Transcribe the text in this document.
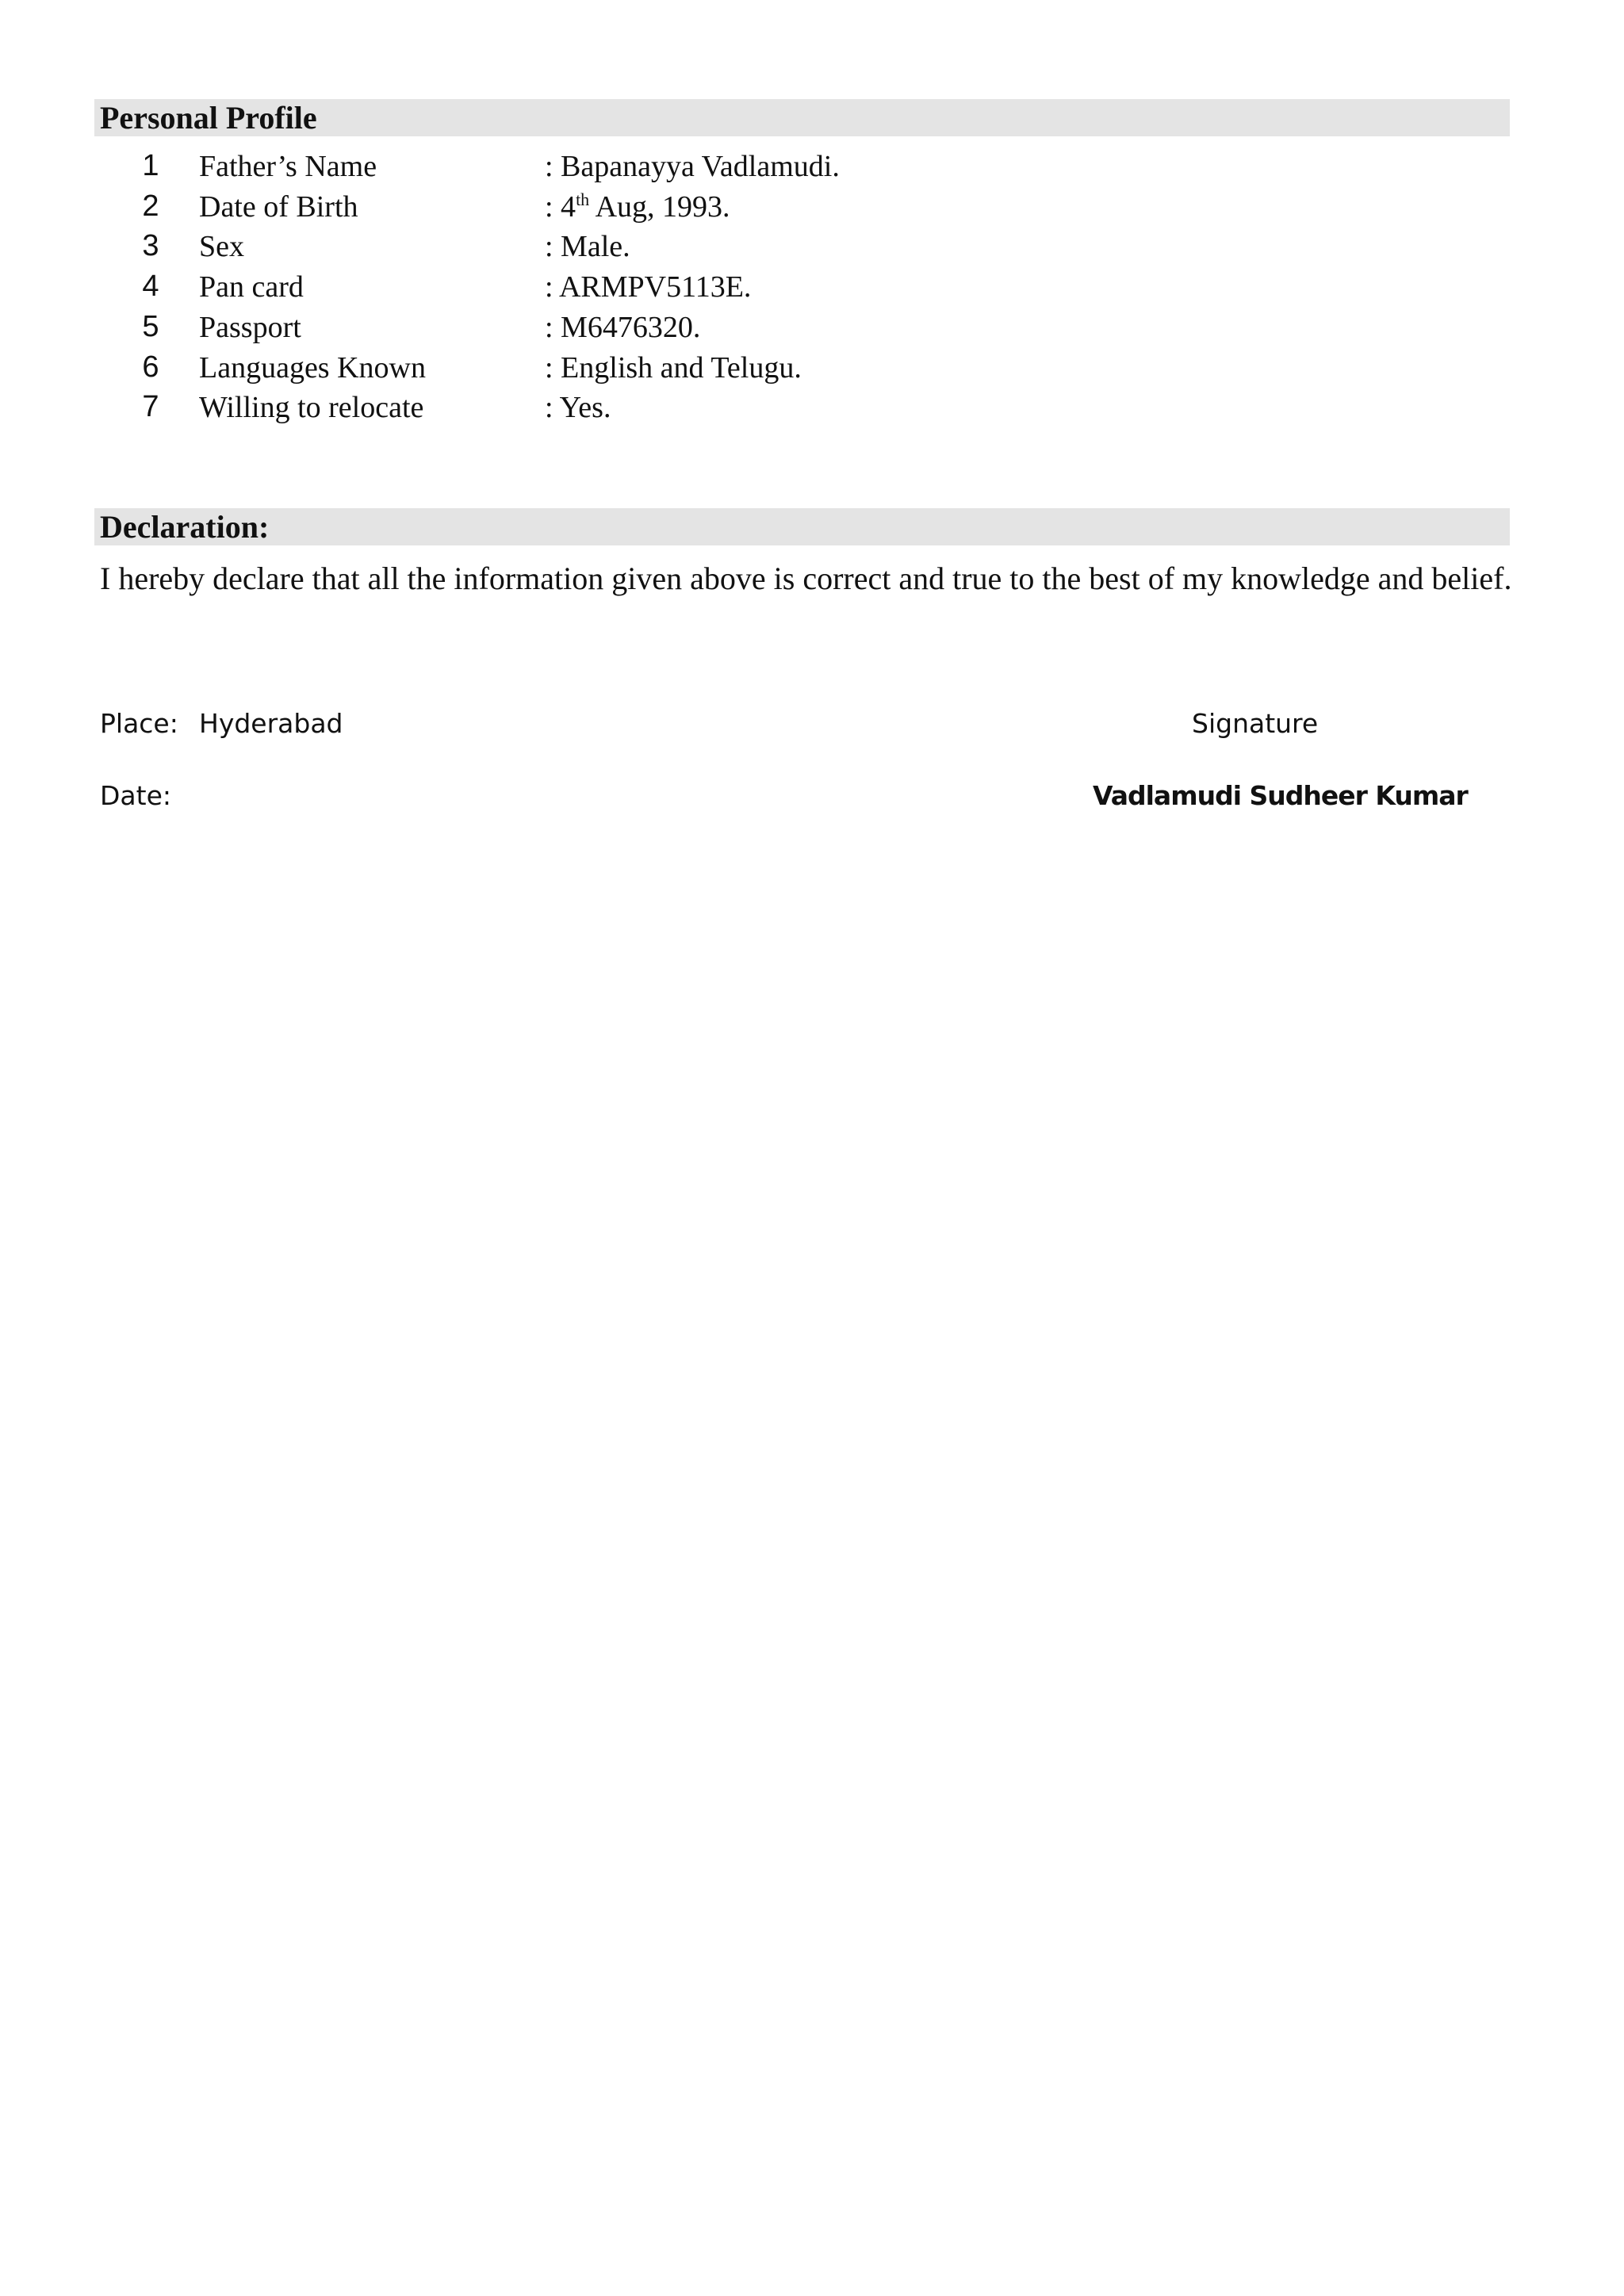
Personal Profile
1 Father’s Name	: Bapanayya Vadlamudi.
2 Date of Birth	: 4th Aug, 1993.
3 Sex	: Male.
4 Pan card	: ARMPV5113E.
5 Passport	: M6476320.
6 Languages Known	: English and Telugu.
7 Willing to relocate	: Yes.
Declaration:
I hereby declare that all the information given above is correct and true to the best of my knowledge and belief.
Place: Hyderabad	Signature
Date:	Vadlamudi Sudheer Kumar
